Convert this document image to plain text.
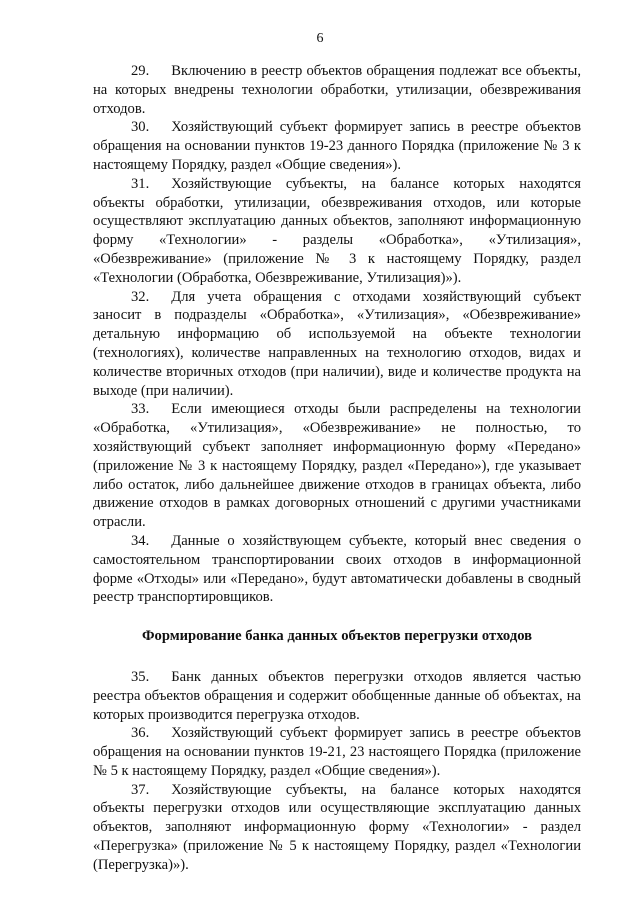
6

29. Включению в реестр объектов обращения подлежат все объекты, на которых внедрены технологии обработки, утилизации, обезвреживания отходов.

30. Хозяйствующий субъект формирует запись в реестре объектов обращения на основании пунктов 19-23 данного Порядка (приложение № 3 к настоящему Порядку, раздел «Общие сведения»).

31. Хозяйствующие субъекты, на балансе которых находятся объекты обработки, утилизации, обезвреживания отходов, или которые осуществляют эксплуатацию данных объектов, заполняют информационную форму «Технологии» - разделы «Обработка», «Утилизация», «Обезвреживание» (приложение № 3 к настоящему Порядку, раздел «Технологии (Обработка, Обезвреживание, Утилизация)»).

32. Для учета обращения с отходами хозяйствующий субъект заносит в подразделы «Обработка», «Утилизация», «Обезвреживание» детальную информацию об используемой на объекте технологии (технологиях), количестве направленных на технологию отходов, видах и количестве вторичных отходов (при наличии), виде и количестве продукта на выходе (при наличии).

33. Если имеющиеся отходы были распределены на технологии «Обработка, «Утилизация», «Обезвреживание» не полностью, то хозяйствующий субъект заполняет информационную форму «Передано» (приложение № 3 к настоящему Порядку, раздел «Передано»), где указывает либо остаток, либо дальнейшее движение отходов в границах объекта, либо движение отходов в рамках договорных отношений с другими участниками отрасли.

34. Данные о хозяйствующем субъекте, который внес сведения о самостоятельном транспортировании своих отходов в информационной форме «Отходы» или «Передано», будут автоматически добавлены в сводный реестр транспортировщиков.

Формирование банка данных объектов перегрузки отходов

35. Банк данных объектов перегрузки отходов является частью реестра объектов обращения и содержит обобщенные данные об объектах, на которых производится перегрузка отходов.

36. Хозяйствующий субъект формирует запись в реестре объектов обращения на основании пунктов 19-21, 23 настоящего Порядка (приложение № 5 к настоящему Порядку, раздел «Общие сведения»).

37. Хозяйствующие субъекты, на балансе которых находятся объекты перегрузки отходов или осуществляющие эксплуатацию данных объектов, заполняют информационную форму «Технологии» - раздел «Перегрузка» (приложение № 5 к настоящему Порядку, раздел «Технологии (Перегрузка)»).
